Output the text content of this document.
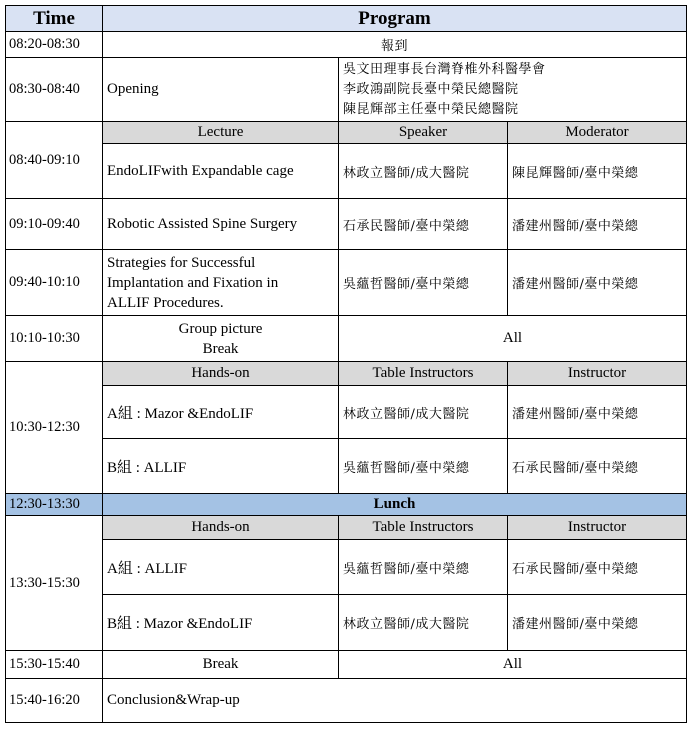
Time	Program		
08:20-08:30	報到		
08:30-08:40	Opening	吳文田理事長台灣脊椎外科醫學會
李政鴻副院長臺中榮民總醫院
陳昆輝部主任臺中榮民總醫院	

08:40-09:10	Lecture	Speaker	Moderator
	EndoLIFwith Expandable cage	林政立醫師/成大醫院	陳昆輝醫師/臺中榮總
09:10-09:40	Robotic Assisted Spine Surgery	石承民醫師/臺中榮總	潘建州醫師/臺中榮總
09:40-10:10	Strategies for Successful
Implantation and Fixation in
ALLIF Procedures.	吳蘊哲醫師/臺中榮總	潘建州醫師/臺中榮總
10:10-10:30	Group picture
Break	All	
10:30-12:30	Hands-on	Table Instructors	Instructor
	A組 : Mazor &EndoLIF	林政立醫師/成大醫院	潘建州醫師/臺中榮總
	B組 : ALLIF	吳蘊哲醫師/臺中榮總	石承民醫師/臺中榮總
12:30-13:30	Lunch		
13:30-15:30	Hands-on	Table Instructors	Instructor
	A組 : ALLIF	吳蘊哲醫師/臺中榮總	石承民醫師/臺中榮總
	B組 : Mazor &EndoLIF	林政立醫師/成大醫院	潘建州醫師/臺中榮總
15:30-15:40	Break	All	
15:40-16:20	Conclusion&Wrap-up		
